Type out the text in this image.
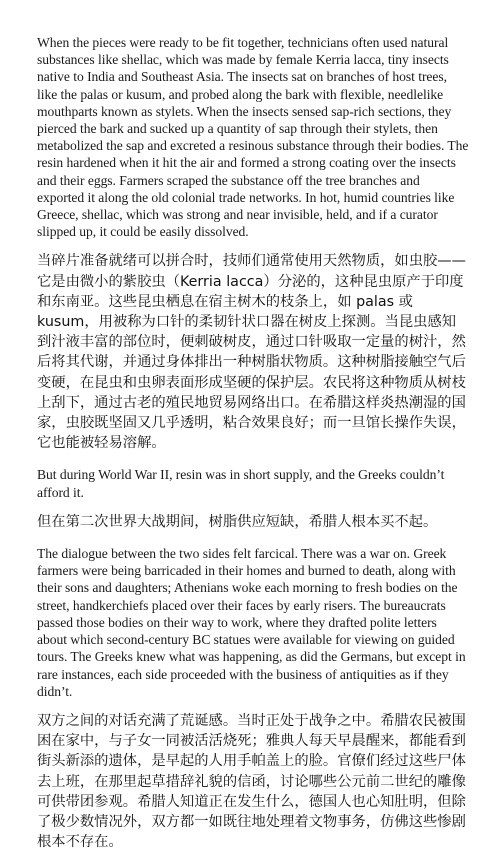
When the pieces were ready to be fit together, technicians often used natural substances like shellac, which was made by female Kerria lacca, tiny insects native to India and Southeast Asia. The insects sat on branches of host trees, like the palas or kusum, and probed along the bark with flexible, needlelike mouthparts known as stylets. When the insects sensed sap-rich sections, they pierced the bark and sucked up a quantity of sap through their stylets, then metabolized the sap and excreted a resinous substance through their bodies. The resin hardened when it hit the air and formed a strong coating over the insects and their eggs. Farmers scraped the substance off the tree branches and exported it along the old colonial trade networks. In hot, humid countries like Greece, shellac, which was strong and near invisible, held, and if a curator slipped up, it could be easily dissolved.

当碎片准备就绪可以拼合时，技师们通常使用天然物质，如虫胶——它是由微小的紫胶虫（Kerria lacca）分泌的，这种昆虫原产于印度和东南亚。这些昆虫栖息在宿主树木的枝条上，如 palas 或 kusum，用被称为口针的柔韧针状口器在树皮上探测。当昆虫感知到汁液丰富的部位时，便刺破树皮，通过口针吸取一定量的树汁，然后将其代谢，并通过身体排出一种树脂状物质。这种树脂接触空气后变硬，在昆虫和虫卵表面形成坚硬的保护层。农民将这种物质从树枝上刮下，通过古老的殖民地贸易网络出口。在希腊这样炎热潮湿的国家，虫胶既坚固又几乎透明，粘合效果良好；而一旦馆长操作失误，它也能被轻易溶解。

But during World War II, resin was in short supply, and the Greeks couldn’t afford it.

但在第二次世界大战期间，树脂供应短缺，希腊人根本买不起。

The dialogue between the two sides felt farcical. There was a war on. Greek farmers were being barricaded in their homes and burned to death, along with their sons and daughters; Athenians woke each morning to fresh bodies on the street, handkerchiefs placed over their faces by early risers. The bureaucrats passed those bodies on their way to work, where they drafted polite letters about which second-century BC statues were available for viewing on guided tours. The Greeks knew what was happening, as did the Germans, but except in rare instances, each side proceeded with the business of antiquities as if they didn’t.

双方之间的对话充满了荒诞感。当时正处于战争之中。希腊农民被围困在家中，与子女一同被活活烧死；雅典人每天早晨醒来，都能看到街头新添的遗体，是早起的人用手帕盖上的脸。官僚们经过这些尸体去上班，在那里起草措辞礼貌的信函，讨论哪些公元前二世纪的雕像可供带团参观。希腊人知道正在发生什么，德国人也心知肚明，但除了极少数情况外，双方都一如既往地处理着文物事务，仿佛这些惨剧根本不存在。
